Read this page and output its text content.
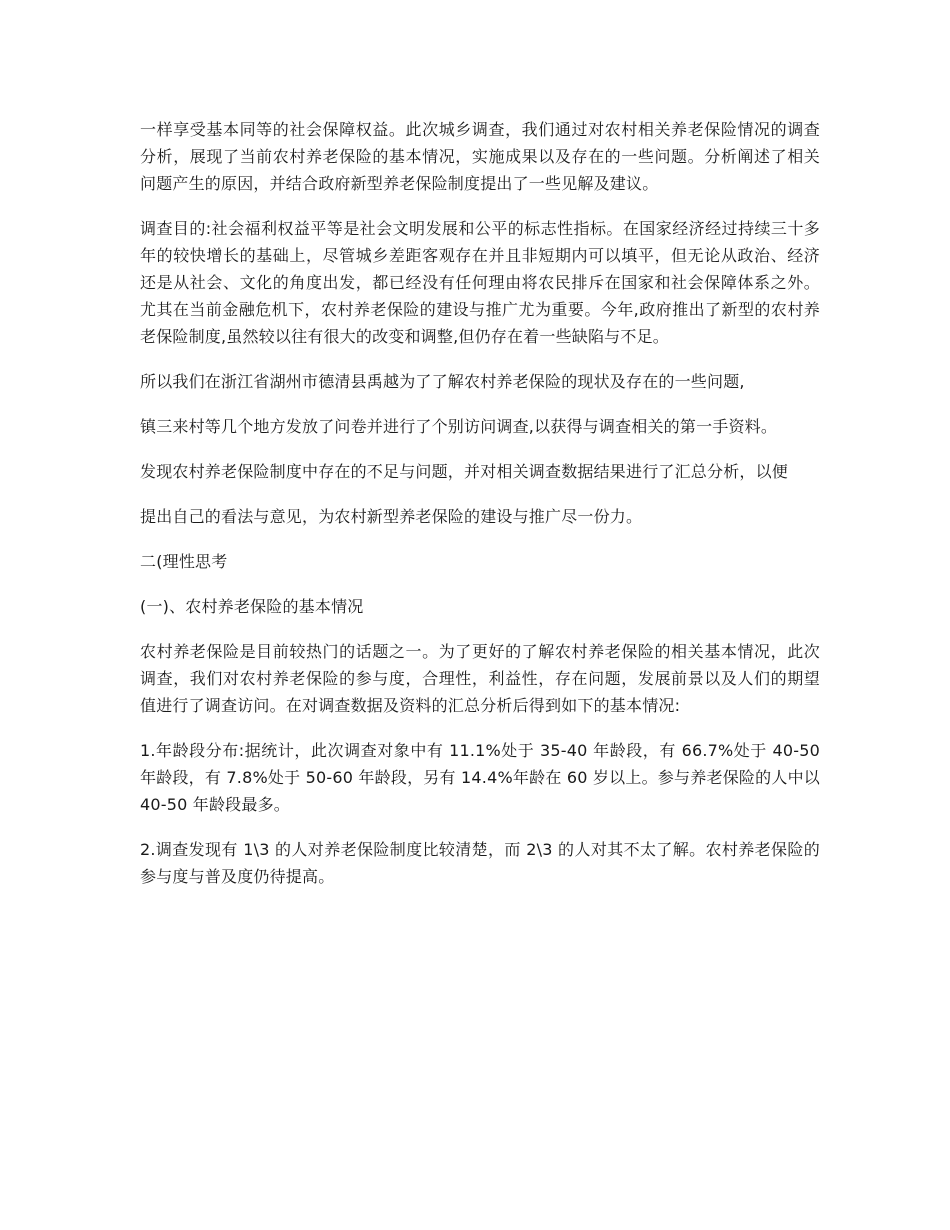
一样享受基本同等的社会保障权益。此次城乡调查，我们通过对农村相关养老保险情况的调查分析，展现了当前农村养老保险的基本情况，实施成果以及存在的一些问题。分析阐述了相关问题产生的原因，并结合政府新型养老保险制度提出了一些见解及建议。

调查目的:社会福利权益平等是社会文明发展和公平的标志性指标。在国家经济经过持续三十多年的较快增长的基础上，尽管城乡差距客观存在并且非短期内可以填平，但无论从政治、经济还是从社会、文化的角度出发，都已经没有任何理由将农民排斥在国家和社会保障体系之外。尤其在当前金融危机下，农村养老保险的建设与推广尤为重要。今年,政府推出了新型的农村养老保险制度,虽然较以往有很大的改变和调整,但仍存在着一些缺陷与不足。

所以我们在浙江省湖州市德清县禹越为了了解农村养老保险的现状及存在的一些问题,

镇三来村等几个地方发放了问卷并进行了个别访问调查,以获得与调查相关的第一手资料。

发现农村养老保险制度中存在的不足与问题，并对相关调查数据结果进行了汇总分析，以便

提出自己的看法与意见，为农村新型养老保险的建设与推广尽一份力。

二(理性思考

(一)、农村养老保险的基本情况

农村养老保险是目前较热门的话题之一。为了更好的了解农村养老保险的相关基本情况，此次调查，我们对农村养老保险的参与度，合理性，利益性，存在问题，发展前景以及人们的期望值进行了调查访问。在对调查数据及资料的汇总分析后得到如下的基本情况:

1.年龄段分布:据统计，此次调查对象中有 11.1%处于 35-40 年龄段，有 66.7%处于 40-50 年龄段，有 7.8%处于 50-60 年龄段，另有 14.4%年龄在 60 岁以上。参与养老保险的人中以 40-50 年龄段最多。

2.调查发现有 1\3 的人对养老保险制度比较清楚，而 2\3 的人对其不太了解。农村养老保险的参与度与普及度仍待提高。
